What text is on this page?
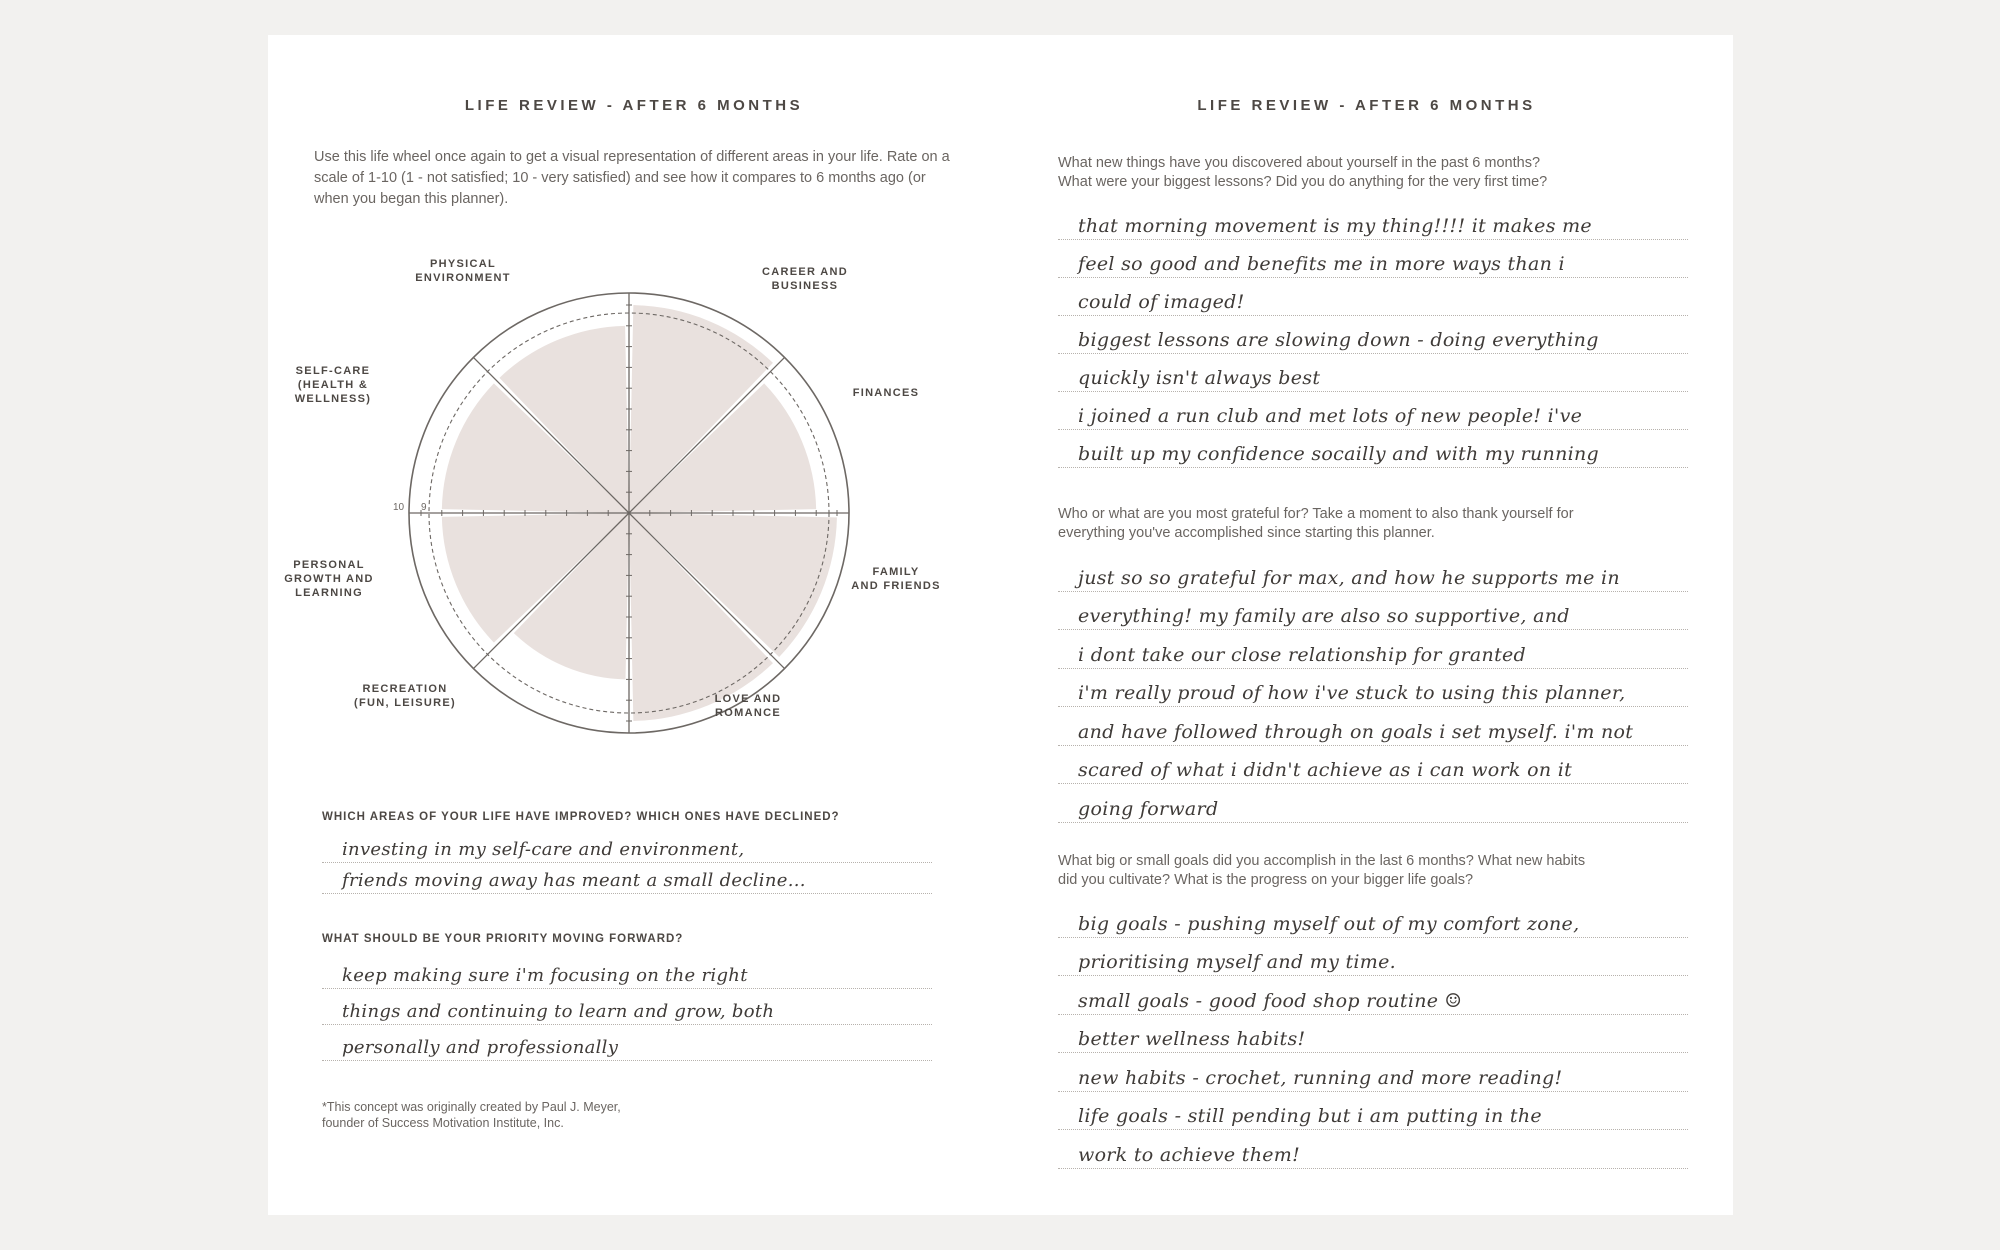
LIFE REVIEW - AFTER 6 MONTHS
Use this life wheel once again to get a visual representation of different areas in your life. Rate on a scale of 1-10 (1 - not satisfied; 10 - very satisfied) and see how it compares to 6 months ago (or when you began this planner).
10 9
PHYSICAL
ENVIRONMENT	CAREER AND
BUSINESS
FINANCES
FAMILY
AND FRIENDS
LOVE AND
ROMANCE
RECREATION
(FUN, LEISURE)
PERSONAL
GROWTH AND
LEARNING
SELF-CARE
(HEALTH &
WELLNESS)
WHICH AREAS OF YOUR LIFE HAVE IMPROVED? WHICH ONES HAVE DECLINED?
investing in my self-care and environment,
friends moving away has meant a small decline...
WHAT SHOULD BE YOUR PRIORITY MOVING FORWARD?
keep making sure i'm focusing on the right
things and continuing to learn and grow, both
personally and professionally
*This concept was originally created by Paul J. Meyer,
founder of Success Motivation Institute, Inc.
LIFE REVIEW - AFTER 6 MONTHS
What new things have you discovered about yourself in the past 6 months?
What were your biggest lessons? Did you do anything for the very first time?
that morning movement is my thing!!!! it makes me
feel so good and benefits me in more ways than i
could of imaged!
biggest lessons are slowing down - doing everything
quickly isn't always best
i joined a run club and met lots of new people! i've
built up my confidence socailly and with my running
Who or what are you most grateful for? Take a moment to also thank yourself for
everything you've accomplished since starting this planner.
just so so grateful for max, and how he supports me in
everything! my family are also so supportive, and
i dont take our close relationship for granted
i'm really proud of how i've stuck to using this planner,
and have followed through on goals i set myself. i'm not
scared of what i didn't achieve as i can work on it
going forward
What big or small goals did you accomplish in the last 6 months? What new habits
did you cultivate? What is the progress on your bigger life goals?
big goals - pushing myself out of my comfort zone,
prioritising myself and my time.
small goals - good food shop routine ☺
better wellness habits!
new habits - crochet, running and more reading!
life goals - still pending but i am putting in the
work to achieve them!
